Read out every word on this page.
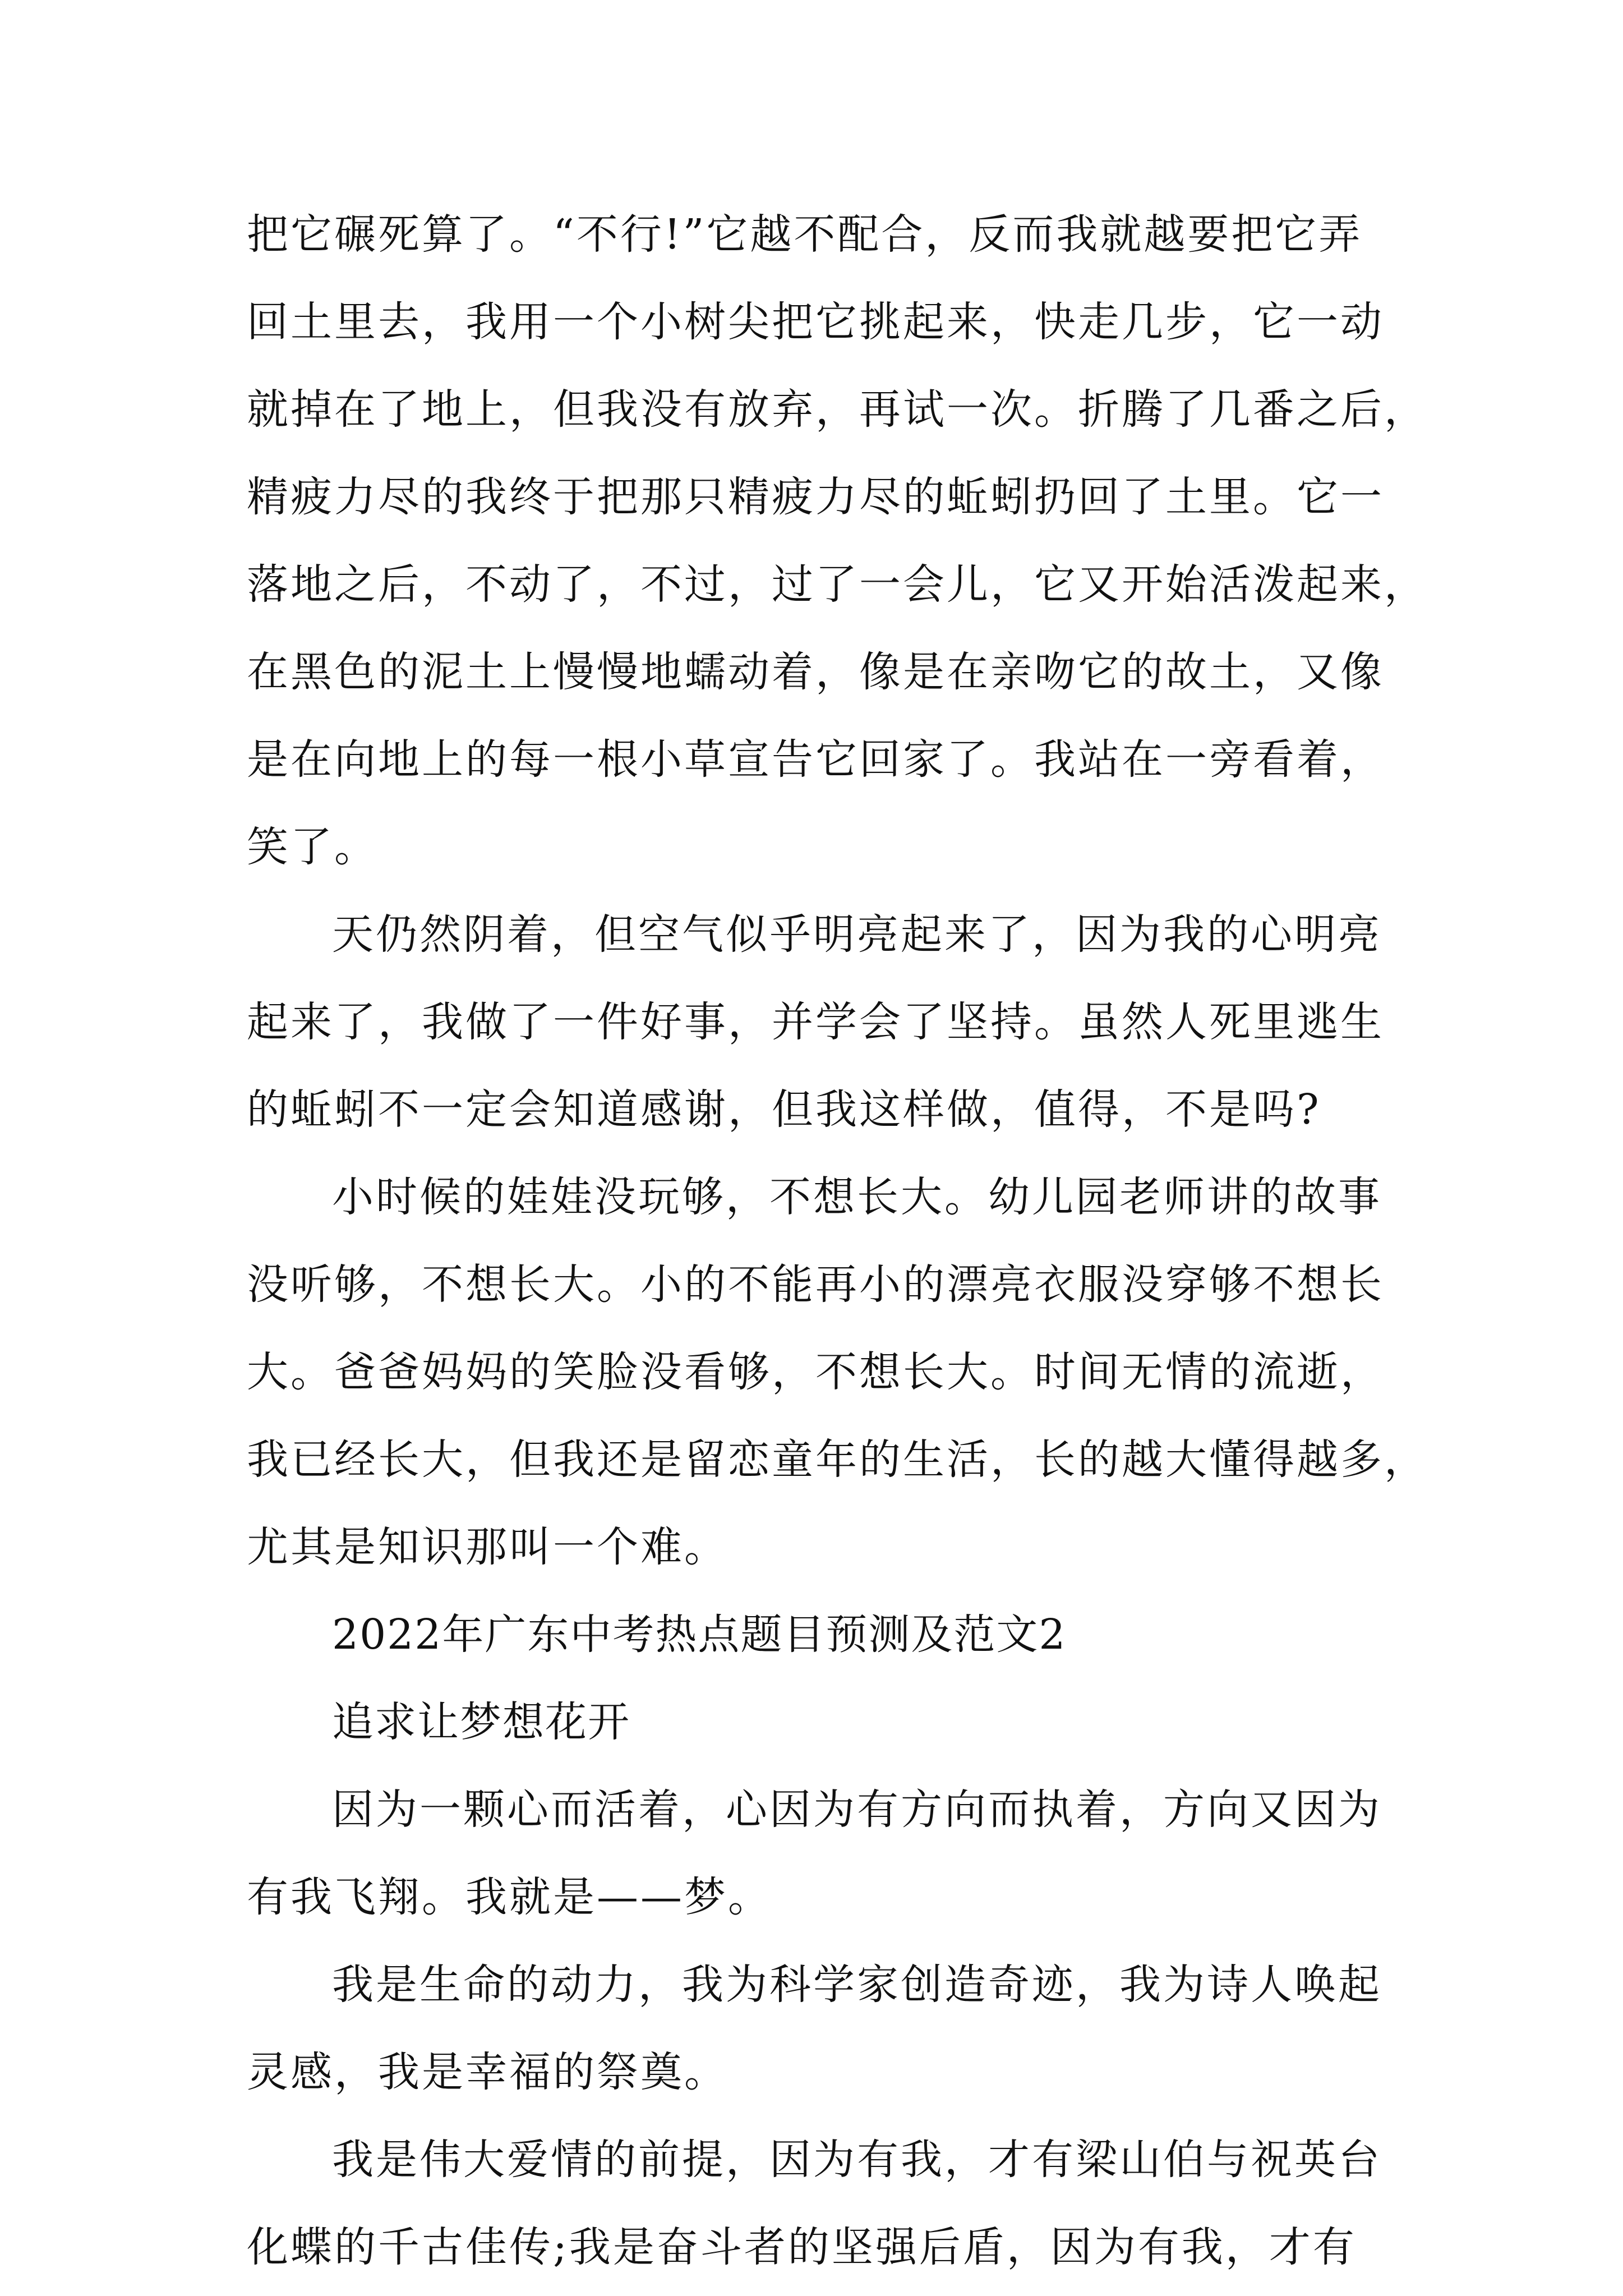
把它碾死算了。“不行!”它越不配合，反而我就越要把它弄
回土里去，我用一个小树尖把它挑起来，快走几步，它一动
就掉在了地上，但我没有放弃，再试一次。折腾了几番之后，
精疲力尽的我终于把那只精疲力尽的蚯蚓扔回了土里。它一
落地之后，不动了，不过，过了一会儿，它又开始活泼起来，
在黑色的泥土上慢慢地蠕动着，像是在亲吻它的故土，又像
是在向地上的每一根小草宣告它回家了。我站在一旁看着，
笑了。
天仍然阴着，但空气似乎明亮起来了，因为我的心明亮
起来了，我做了一件好事，并学会了坚持。虽然人死里逃生
的蚯蚓不一定会知道感谢，但我这样做，值得，不是吗?
小时候的娃娃没玩够，不想长大。幼儿园老师讲的故事
没听够，不想长大。小的不能再小的漂亮衣服没穿够不想长
大。爸爸妈妈的笑脸没看够，不想长大。时间无情的流逝，
我已经长大，但我还是留恋童年的生活，长的越大懂得越多，
尤其是知识那叫一个难。
2022年广东中考热点题目预测及范文2
追求让梦想花开
因为一颗心而活着，心因为有方向而执着，方向又因为
有我飞翔。我就是——梦。
我是生命的动力，我为科学家创造奇迹，我为诗人唤起
灵感，我是幸福的祭奠。
我是伟大爱情的前提，因为有我，才有梁山伯与祝英台
化蝶的千古佳传;我是奋斗者的坚强后盾，因为有我，才有
